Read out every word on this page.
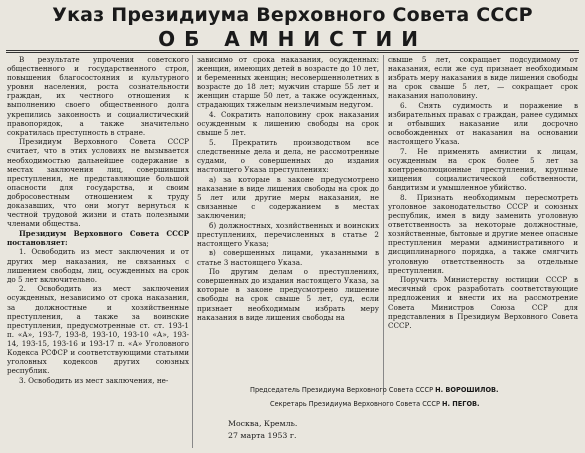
Указ Президиума Верховного Совета СССР
ОБ АМНИСТИИ

В результате упрочения советского общественного и государственного строя, повышения благосостояния и культурного уровня населения, роста сознательности граждан, их честного отношения к выполнению своего общественного долга укрепились законность и социалистический правопорядок, а также значительно сократилась преступность в стране.

Президиум Верховного Совета СССР считает, что в этих условиях не вызывается необходимостью дальнейшее содержание в местах заключения лиц, совершивших преступления, не представляющие большой опасности для государства, и своим добросовестным отношением к труду доказавших, что они могут вернуться к честной трудовой жизни и стать полезными членами общества.

Президиум Верховного Совета СССР постановляет:

1. Освободить из мест заключения и от других мер наказания, не связанных с лишением свободы, лиц, осужденных на срок до 5 лет включительно.

2. Освободить из мест заключения осужденных, независимо от срока наказания, за должностные и хозяйственные преступления, а также за воинские преступления, предусмотренные ст. ст. 193-1 п. «А», 193-7, 193-8, 193-10, 193-10 «А», 193-14, 193-15, 193-16 и 193-17 п. «А» Уголовного Кодекса РСФСР и соответствующими статьями уголовных кодексов других союзных республик.

3. Освободить из мест заключения, не-

зависимо от срока наказания, осужденных: женщин, имеющих детей в возрасте до 10 лет, и беременных женщин; несовершеннолетних в возрасте до 18 лет; мужчин старше 55 лет и женщин старше 50 лет, а также осужденных, страдающих тяжелым неизлечимым недугом.

4. Сократить наполовину срок наказания осужденным к лишению свободы на срок свыше 5 лет.

5. Прекратить производством все следственные дела и дела, не рассмотренные судами, о совершенных до издания настоящего Указа преступлениях:

а) за которые в законе предусмотрено наказание в виде лишения свободы на срок до 5 лет или другие меры наказания, не связанные с содержанием в местах заключения;

б) должностных, хозяйственных и воинских преступлениях, перечисленных в статье 2 настоящего Указа;

в) совершенных лицами, указанными в статье 3 настоящего Указа.

По другим делам о преступлениях, совершенных до издания настоящего Указа, за которые в законе предусмотрено лишение свободы на срок свыше 5 лет, суд, если признает необходимым избрать меру наказания в виде лишения свободы на

свыше 5 лет, сокращает подсудимому от наказания, если же суд признает необходимым избрать меру наказания в виде лишения свободы на срок свыше 5 лет, — сокращает срок наказания наполовину.

6. Снять судимость и поражение в избирательных правах с граждан, ранее судимых и отбывших наказание или досрочно освобожденных от наказания на основании настоящего Указа.

7. Не применять амнистии к лицам, осужденным на срок более 5 лет за контрреволюционные преступления, крупные хищения социалистической собственности, бандитизм и умышленное убийство.

8. Признать необходимым пересмотреть уголовное законодательство СССР и союзных республик, имея в виду заменить уголовную ответственность за некоторые должностные, хозяйственные, бытовые и другие менее опасные преступления мерами административного и дисциплинарного порядка, а также смягчить уголовную ответственность за отдельные преступления.

Поручить Министерству юстиции СССР в месячный срок разработать соответствующие предложения и внести их на рассмотрение Совета Министров Союза ССР для представления в Президиум Верховного Совета СССР.

Председатель Президиума Верховного Совета СССР Н. ВОРОШИЛОВ.
Секретарь Президиума Верховного Совета СССР Н. ПЕГОВ.
Москва, Кремль.
27 марта 1953 г.
